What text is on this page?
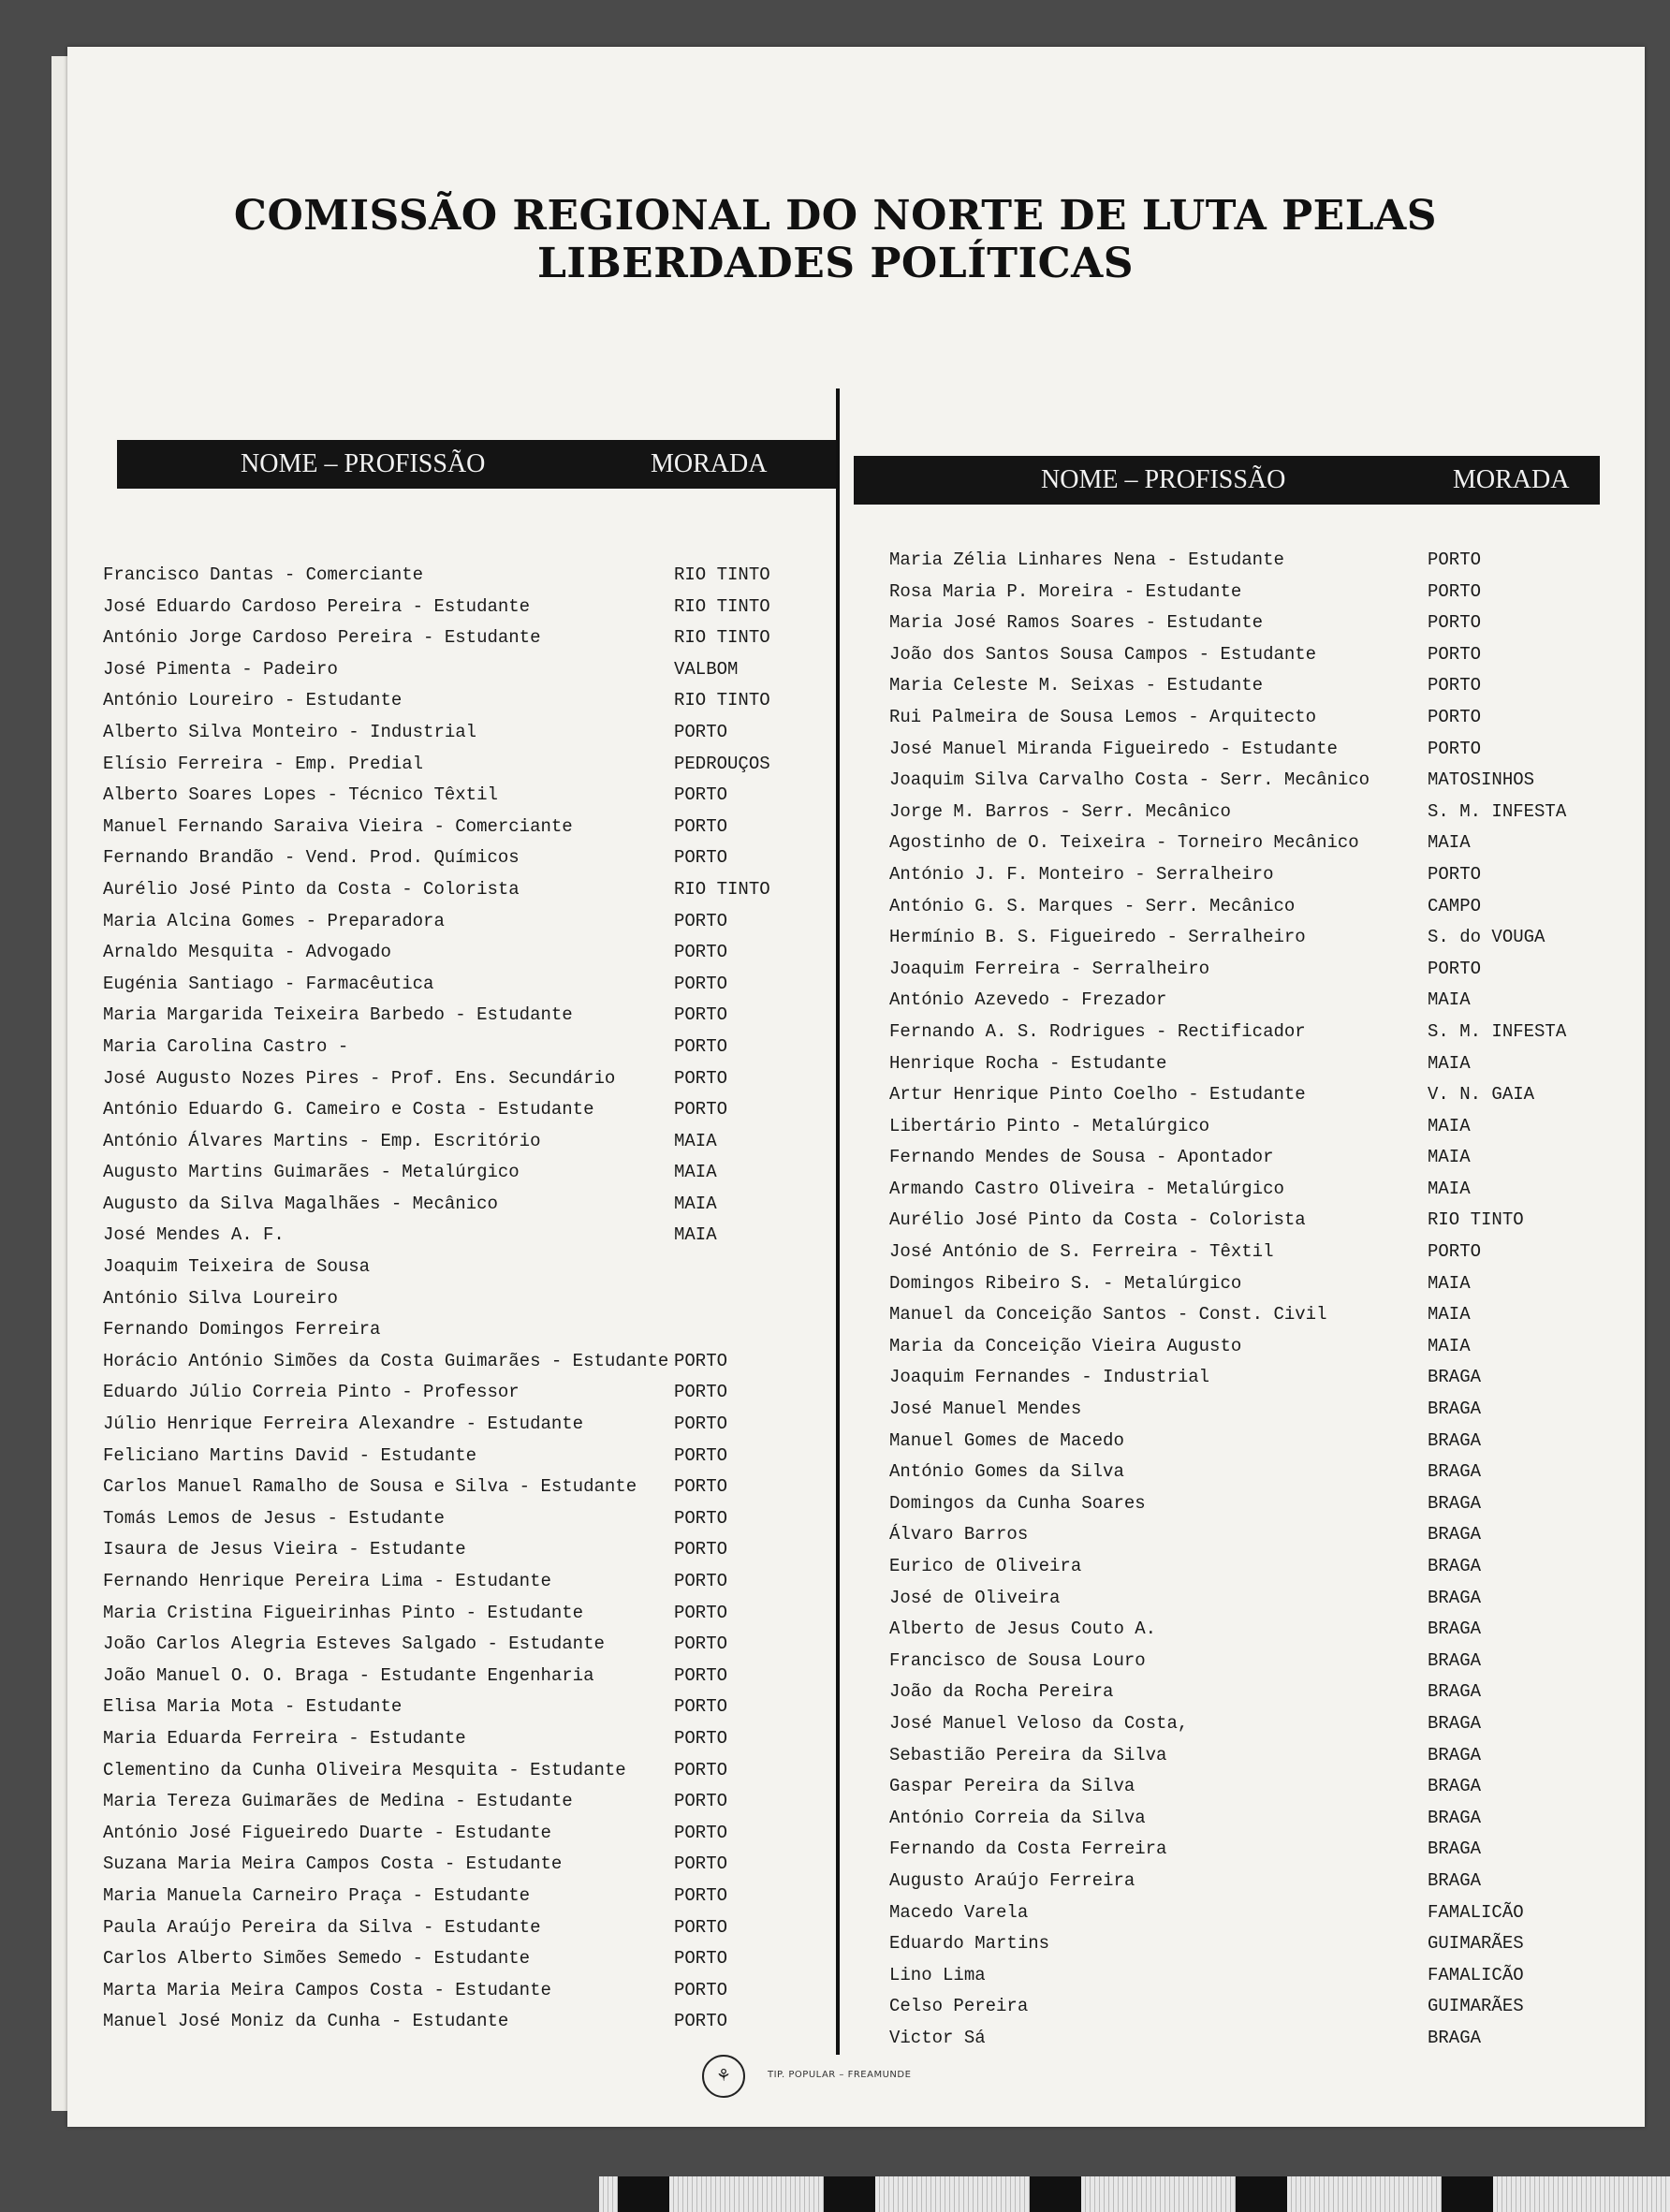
COMISSÃO REGIONAL DO NORTE DE LUTA PELAS LIBERDADES POLÍTICAS
NOME – PROFISSÃO	MORADA
NOME – PROFISSÃO	MORADA
Francisco Dantas - Comerciante	RIO TINTO
José Eduardo Cardoso Pereira - Estudante	RIO TINTO
António Jorge Cardoso Pereira - Estudante	RIO TINTO
José Pimenta - Padeiro	VALBOM
António Loureiro - Estudante	RIO TINTO
Alberto Silva Monteiro - Industrial	PORTO
Elísio Ferreira - Emp. Predial	PEDROUÇOS
Alberto Soares Lopes - Técnico Têxtil	PORTO
Manuel Fernando Saraiva Vieira - Comerciante	PORTO
Fernando Brandão - Vend. Prod. Químicos	PORTO
Aurélio José Pinto da Costa - Colorista	RIO TINTO
Maria Alcina Gomes - Preparadora	PORTO
Arnaldo Mesquita - Advogado	PORTO
Eugénia Santiago - Farmacêutica	PORTO
Maria Margarida Teixeira Barbedo - Estudante	PORTO
Maria Carolina Castro -	PORTO
José Augusto Nozes Pires - Prof. Ens. Secundário	PORTO
António Eduardo G. Cameiro e Costa - Estudante	PORTO
António Álvares Martins - Emp. Escritório	MAIA
Augusto Martins Guimarães - Metalúrgico	MAIA
Augusto da Silva Magalhães - Mecânico	MAIA
José Mendes A. F.	MAIA
Joaquim Teixeira de Sousa
António Silva Loureiro
Fernando Domingos Ferreira
Horácio António Simões da Costa Guimarães - Estudante PORTO
Eduardo Júlio Correia Pinto - Professor	PORTO
Júlio Henrique Ferreira Alexandre - Estudante	PORTO
Feliciano Martins David - Estudante	PORTO
Carlos Manuel Ramalho de Sousa e Silva - Estudante PORTO
Tomás Lemos de Jesus - Estudante	PORTO
Isaura de Jesus Vieira - Estudante	PORTO
Fernando Henrique Pereira Lima - Estudante	PORTO
Maria Cristina Figueirinhas Pinto - Estudante	PORTO
João Carlos Alegria Esteves Salgado - Estudante	PORTO
João Manuel O. O. Braga - Estudante Engenharia	PORTO
Elisa Maria Mota - Estudante	PORTO
Maria Eduarda Ferreira - Estudante	PORTO
Clementino da Cunha Oliveira Mesquita - Estudante	PORTO
Maria Tereza Guimarães de Medina - Estudante	PORTO
António José Figueiredo Duarte - Estudante	PORTO
Suzana Maria Meira Campos Costa - Estudante	PORTO
Maria Manuela Carneiro Praça - Estudante	PORTO
Paula Araújo Pereira da Silva - Estudante	PORTO
Carlos Alberto Simões Semedo - Estudante	PORTO
Marta Maria Meira Campos Costa - Estudante	PORTO
Manuel José Moniz da Cunha - Estudante	PORTO
Maria Zélia Linhares Nena - Estudante	PORTO
Rosa Maria P. Moreira - Estudante	PORTO
Maria José Ramos Soares - Estudante	PORTO
João dos Santos Sousa Campos - Estudante	PORTO
Maria Celeste M. Seixas - Estudante	PORTO
Rui Palmeira de Sousa Lemos - Arquitecto	PORTO
José Manuel Miranda Figueiredo - Estudante	PORTO
Joaquim Silva Carvalho Costa - Serr. Mecânico	MATOSINHOS
Jorge M. Barros - Serr. Mecânico	S. M. INFESTA
Agostinho de O. Teixeira - Torneiro Mecânico	MAIA
António J. F. Monteiro - Serralheiro	PORTO
António G. S. Marques - Serr. Mecânico	CAMPO
Hermínio B. S. Figueiredo - Serralheiro	S. do VOUGA
Joaquim Ferreira - Serralheiro	PORTO
António Azevedo - Frezador	MAIA
Fernando A. S. Rodrigues - Rectificador	S. M. INFESTA
Henrique Rocha - Estudante	MAIA
Artur Henrique Pinto Coelho - Estudante	V. N. GAIA
Libertário Pinto - Metalúrgico	MAIA
Fernando Mendes de Sousa - Apontador	MAIA
Armando Castro Oliveira - Metalúrgico	MAIA
Aurélio José Pinto da Costa - Colorista	RIO TINTO
José António de S. Ferreira - Têxtil	PORTO
Domingos Ribeiro S. - Metalúrgico	MAIA
Manuel da Conceição Santos - Const. Civil	MAIA
Maria da Conceição Vieira Augusto	MAIA
Joaquim Fernandes - Industrial	BRAGA
José Manuel Mendes	BRAGA
Manuel Gomes de Macedo	BRAGA
António Gomes da Silva	BRAGA
Domingos da Cunha Soares	BRAGA
Álvaro Barros	BRAGA
Eurico de Oliveira	BRAGA
José de Oliveira	BRAGA
Alberto de Jesus Couto A.	BRAGA
Francisco de Sousa Louro	BRAGA
João da Rocha Pereira	BRAGA
José Manuel Veloso da Costa,	BRAGA
Sebastião Pereira da Silva	BRAGA
Gaspar Pereira da Silva	BRAGA
António Correia da Silva	BRAGA
Fernando da Costa Ferreira	BRAGA
Augusto Araújo Ferreira	BRAGA
Macedo Varela	FAMALICÃO
Eduardo Martins	GUIMARÃES
Lino Lima	FAMALICÃO
Celso Pereira	GUIMARÃES
Victor Sá	BRAGA
⚘	TIP. POPULAR – FREAMUNDE
